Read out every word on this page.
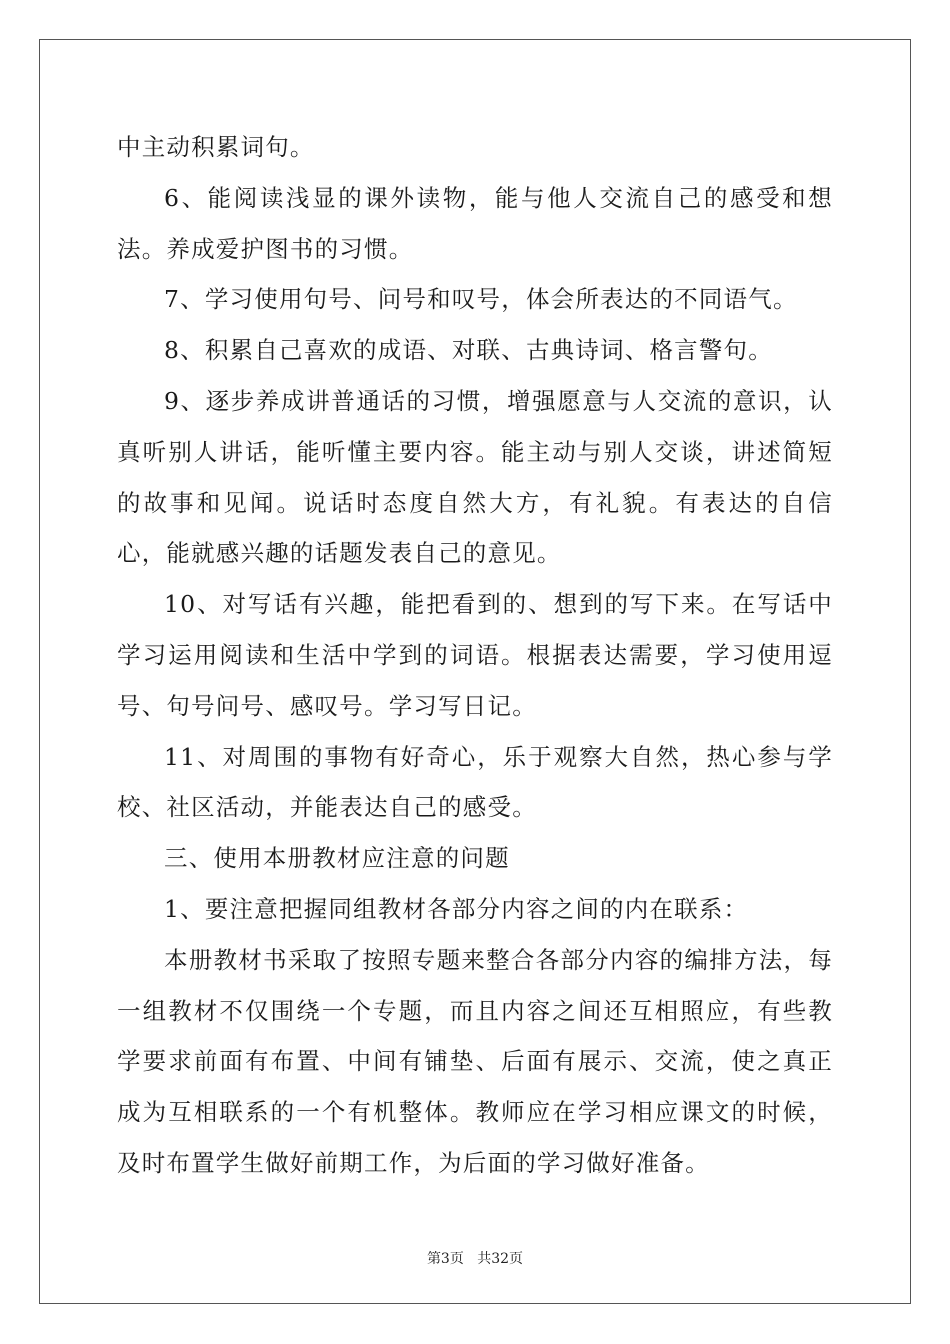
中主动积累词句。

6、能阅读浅显的课外读物，能与他人交流自己的感受和想法。养成爱护图书的习惯。

7、学习使用句号、问号和叹号，体会所表达的不同语气。

8、积累自己喜欢的成语、对联、古典诗词、格言警句。

9、逐步养成讲普通话的习惯，增强愿意与人交流的意识，认真听别人讲话，能听懂主要内容。能主动与别人交谈，讲述简短的故事和见闻。说话时态度自然大方，有礼貌。有表达的自信心，能就感兴趣的话题发表自己的意见。

10、对写话有兴趣，能把看到的、想到的写下来。在写话中学习运用阅读和生活中学到的词语。根据表达需要，学习使用逗号、句号问号、感叹号。学习写日记。

11、对周围的事物有好奇心，乐于观察大自然，热心参与学校、社区活动，并能表达自己的感受。

三、使用本册教材应注意的问题

1、要注意把握同组教材各部分内容之间的内在联系：

本册教材书采取了按照专题来整合各部分内容的编排方法，每一组教材不仅围绕一个专题，而且内容之间还互相照应，有些教学要求前面有布置、中间有铺垫、后面有展示、交流，使之真正成为互相联系的一个有机整体。教师应在学习相应课文的时候，及时布置学生做好前期工作，为后面的学习做好准备。

第3页 共32页
